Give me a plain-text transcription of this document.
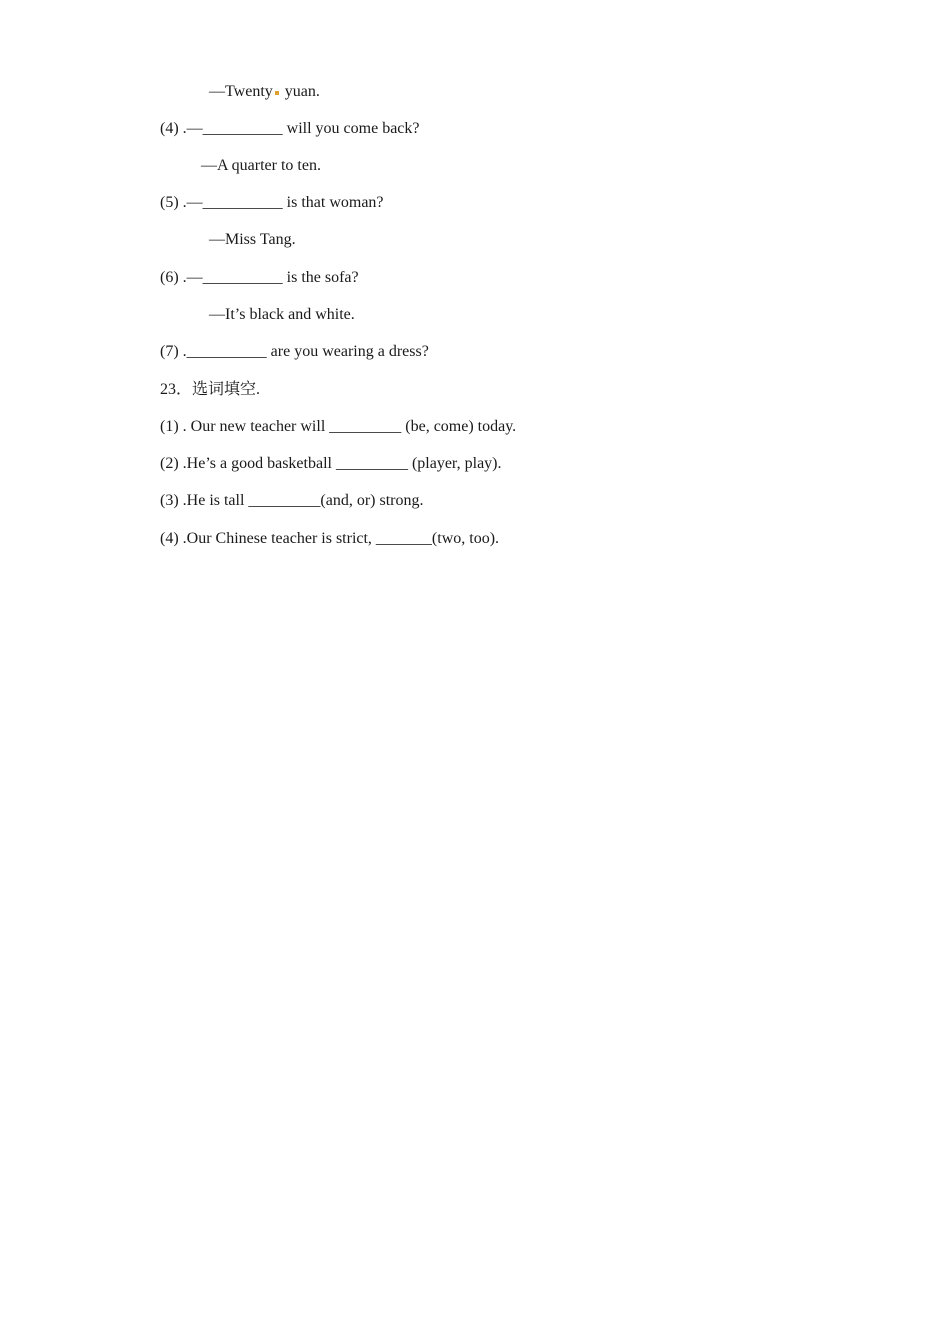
—Twenty yuan.
(4) .—__________ will you come back?
—A quarter to ten.
(5) .—__________ is that woman?
—Miss Tang.
(6) .—__________ is the sofa?
—It’s black and white.
(7) .__________ are you wearing a dress?
23．选词填空.
(1) . Our new teacher will _________ (be, come) today.
(2) .He’s a good basketball _________ (player, play).
(3) .He is tall _________(and, or) strong.
(4) .Our Chinese teacher is strict, _______(two, too).
